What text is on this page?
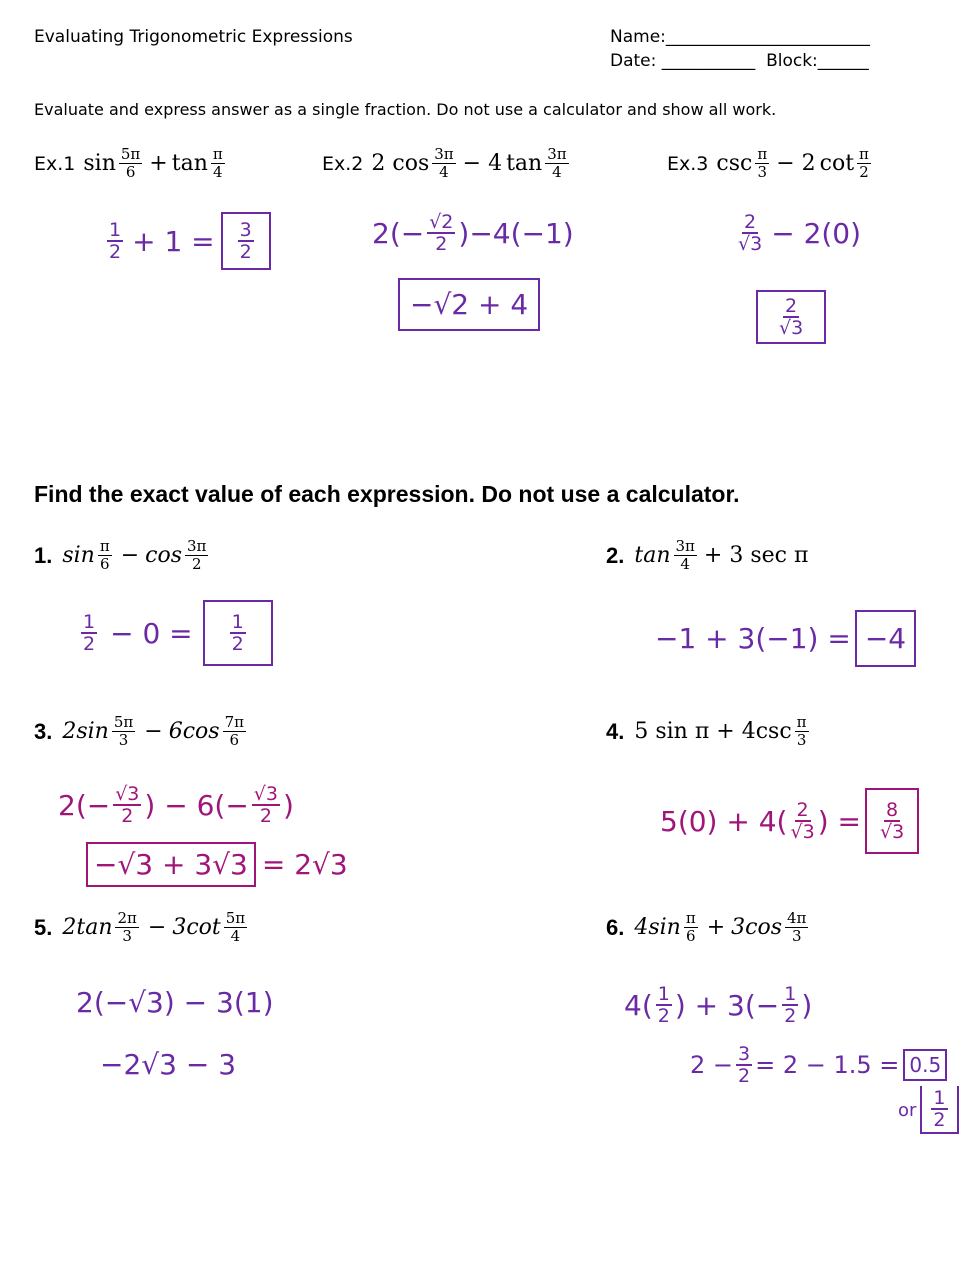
Evaluating Trigonometric Expressions	Name:________________________
Date: ___________  Block:______
Evaluate and express answer as a single fraction. Do not use a calculator and show all work.
Ex.1 $\sin \frac{5\pi}{6} + \tan \frac{\pi}{4}$
1
2 + 1 = 3
2
Ex.2 2 $\cos \frac{3\pi}{4} - 4$ $\tan \frac{3\pi}{4}$
$2(- \frac{√2}{2} )-4(-1)$
−√2 + 4
Ex.3 $\csc \frac{\pi}{3} - 2$ $\cot \frac{\pi}{2}$
2
√3 − 2(0)
2
√3
Find the exact value of each expression. Do not use a calculator.
1. $\sin \frac{\pi}{6} - \cos \frac{3\pi}{2}$
1
2 − 0 = 1
2
2. $\tan \frac{3\pi}{4} + 3$ sec π
−1 + 3(−1) = −4
3. $2\sin \frac{5\pi}{3} - 6\cos \frac{7\pi}{6}$
$2(- \frac{√3}{2}$ ) − $6(- \frac{√3}{2}$ )
−√3 + 3√3 = 2√3
4. 5 $\sin \pi + 4\csc \frac{\pi}{3}$
5(0) + 4( 2
√3 ) = 8
√3
5. $2\tan \frac{2\pi}{3} - 3\cot \frac{5\pi}{4}$
2(−√3) − 3(1)
−2√3 − 3
6. $4\sin \frac{\pi}{6} + 3\cos \frac{4\pi}{3}$
4( 1
2 ) + $3(- \frac{1}{2}$ )
$2 - \frac{3}{2} = 2 - 1.5 = 0.5$
or
1
2
